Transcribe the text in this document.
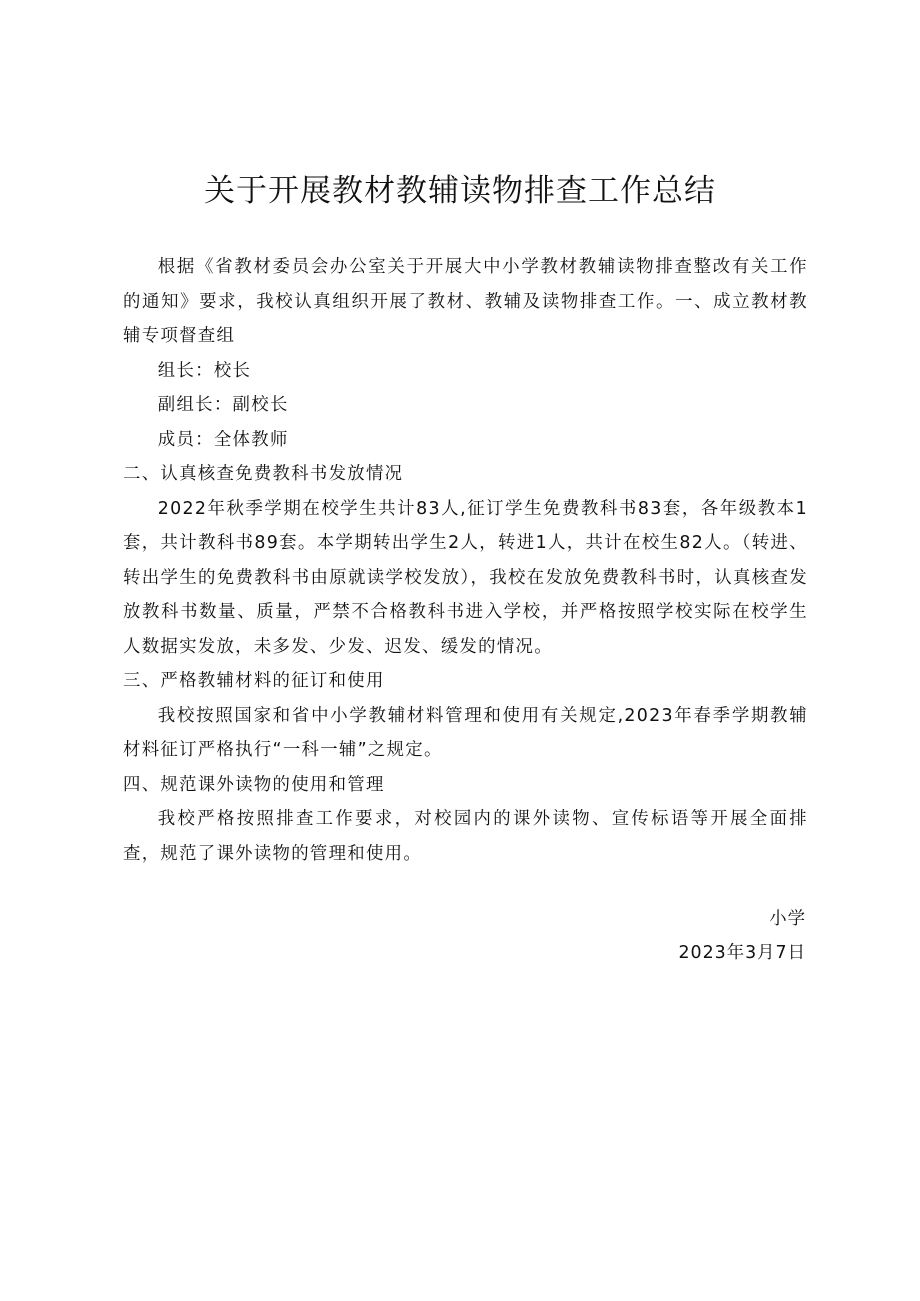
关于开展教材教辅读物排查工作总结

根据《省教材委员会办公室关于开展大中小学教材教辅读物排查整改有关工作的通知》要求，我校认真组织开展了教材、教辅及读物排查工作。一、成立教材教辅专项督查组

组长：校长

副组长：副校长

成员：全体教师

二、认真核查免费教科书发放情况

2022年秋季学期在校学生共计83人,征订学生免费教科书83套，各年级教本1套，共计教科书89套。本学期转出学生2人，转进1人，共计在校生82人。（转进、转出学生的免费教科书由原就读学校发放），我校在发放免费教科书时，认真核查发放教科书数量、质量，严禁不合格教科书进入学校，并严格按照学校实际在校学生人数据实发放，未多发、少发、迟发、缓发的情况。

三、严格教辅材料的征订和使用

我校按照国家和省中小学教辅材料管理和使用有关规定,2023年春季学期教辅材料征订严格执行“一科一辅”之规定。

四、规范课外读物的使用和管理

我校严格按照排查工作要求，对校园内的课外读物、宣传标语等开展全面排查，规范了课外读物的管理和使用。

小学

2023年3月7日
